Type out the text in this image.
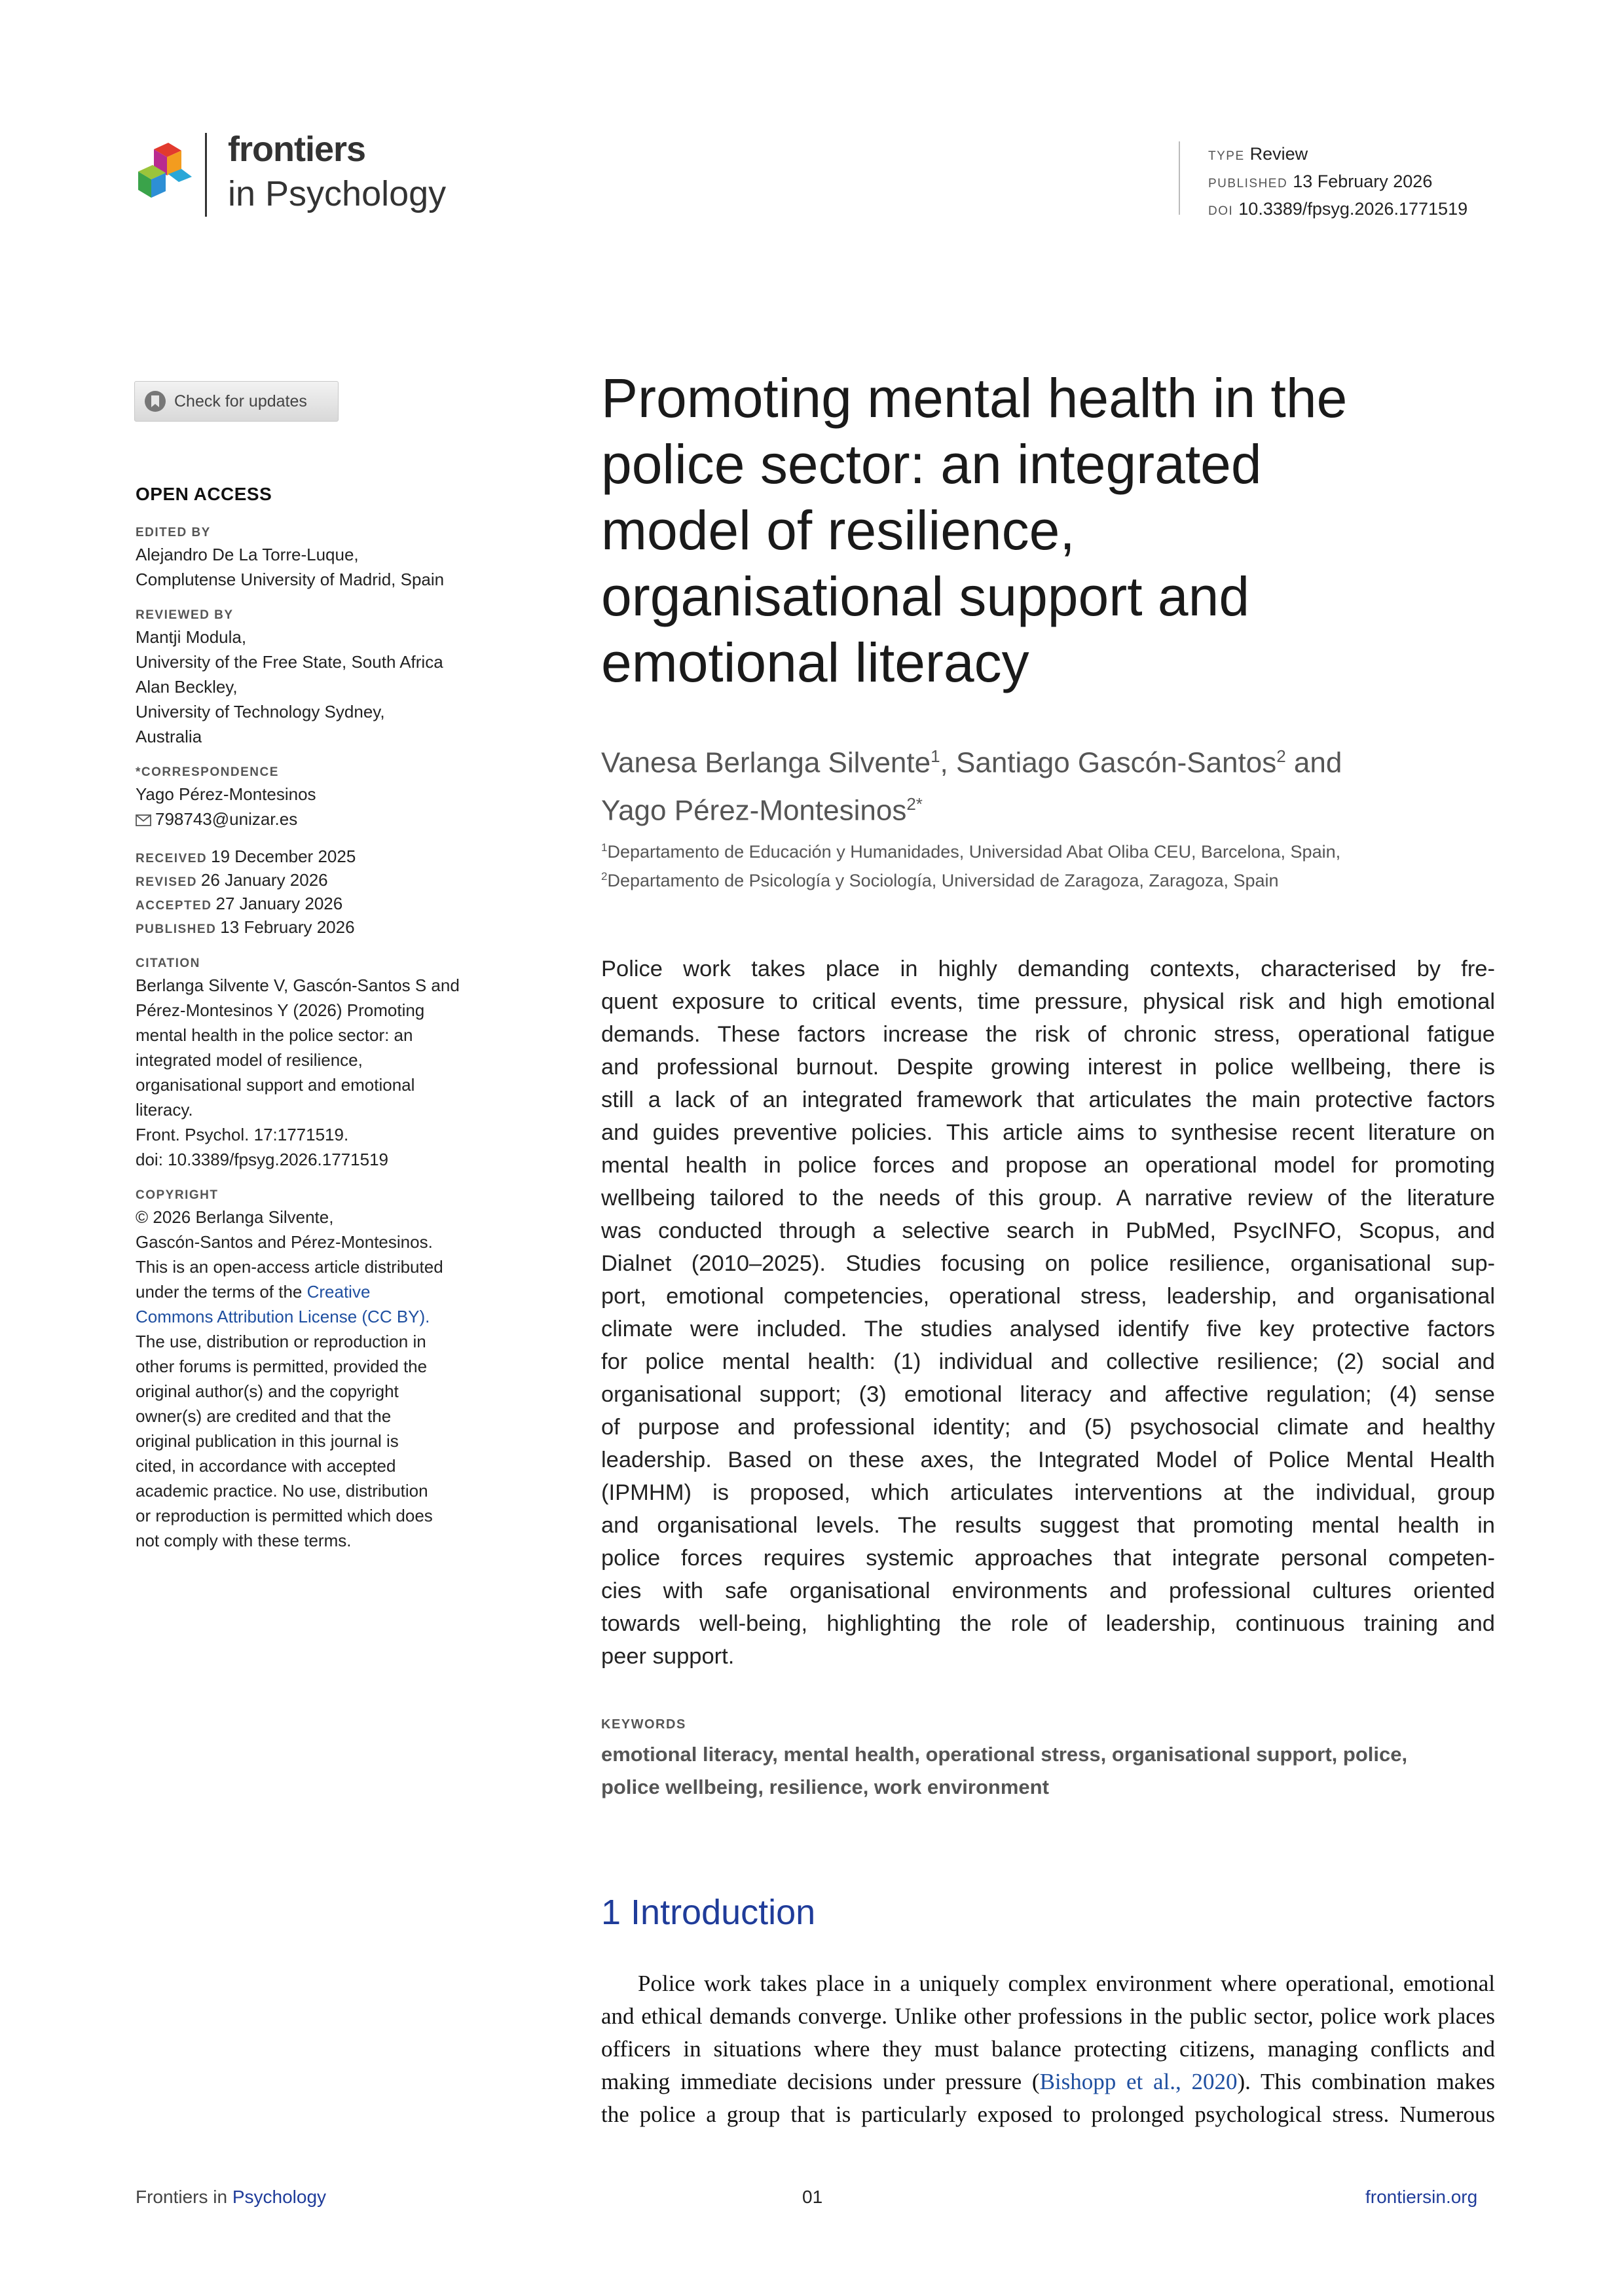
frontiers
in Psychology
TYPE Review
PUBLISHED 13 February 2026
DOI 10.3389/fpsyg.2026.1771519
Check for updates
OPEN ACCESS
EDITED BY
Alejandro De La Torre-Luque,
Complutense University of Madrid, Spain
REVIEWED BY
Mantji Modula,
University of the Free State, South Africa
Alan Beckley,
University of Technology Sydney,
Australia
*CORRESPONDENCE
Yago Pérez-Montesinos
798743@unizar.es
RECEIVED 19 December 2025
REVISED 26 January 2026
ACCEPTED 27 January 2026
PUBLISHED 13 February 2026
CITATION
Berlanga Silvente V, Gascón-Santos S and
Pérez-Montesinos Y (2026) Promoting
mental health in the police sector: an
integrated model of resilience,
organisational support and emotional
literacy.
Front. Psychol. 17:1771519.
doi: 10.3389/fpsyg.2026.1771519
COPYRIGHT
© 2026 Berlanga Silvente,
Gascón-Santos and Pérez-Montesinos.
This is an open-access article distributed
under the terms of the Creative
Commons Attribution License (CC BY).
The use, distribution or reproduction in
other forums is permitted, provided the
original author(s) and the copyright
owner(s) are credited and that the
original publication in this journal is
cited, in accordance with accepted
academic practice. No use, distribution
or reproduction is permitted which does
not comply with these terms.
Promoting mental health in the
police sector: an integrated
model of resilience,
organisational support and
emotional literacy
Vanesa Berlanga Silvente$^1$, Santiago Gascón-Santos$^2$ and
Yago Pérez-Montesinos$^{2*}$
$^1$Departamento de Educación y Humanidades, Universidad Abat Oliba CEU, Barcelona, Spain,
$^2$Departamento de Psicología y Sociología, Universidad de Zaragoza, Zaragoza, Spain
Police work takes place in highly demanding contexts, characterised by fre-
quent exposure to critical events, time pressure, physical risk and high emotional
demands. These factors increase the risk of chronic stress, operational fatigue
and professional burnout. Despite growing interest in police wellbeing, there is
still a lack of an integrated framework that articulates the main protective factors
and guides preventive policies. This article aims to synthesise recent literature on
mental health in police forces and propose an operational model for promoting
wellbeing tailored to the needs of this group. A narrative review of the literature
was conducted through a selective search in PubMed, PsycINFO, Scopus, and
Dialnet (2010–2025). Studies focusing on police resilience, organisational sup-
port, emotional competencies, operational stress, leadership, and organisational
climate were included. The studies analysed identify five key protective factors
for police mental health: (1) individual and collective resilience; (2) social and
organisational support; (3) emotional literacy and affective regulation; (4) sense
of purpose and professional identity; and (5) psychosocial climate and healthy
leadership. Based on these axes, the Integrated Model of Police Mental Health
(IPMHM) is proposed, which articulates interventions at the individual, group
and organisational levels. The results suggest that promoting mental health in
police forces requires systemic approaches that integrate personal competen-
cies with safe organisational environments and professional cultures oriented
towards well-being, highlighting the role of leadership, continuous training and
peer support.
KEYWORDS
emotional literacy, mental health, operational stress, organisational support, police,
police wellbeing, resilience, work environment
1 Introduction
Police work takes place in a uniquely complex environment where operational, emotional
and ethical demands converge. Unlike other professions in the public sector, police work places
officers in situations where they must balance protecting citizens, managing conflicts and
making immediate decisions under pressure (Bishopp et al., 2020). This combination makes
the police a group that is particularly exposed to prolonged psychological stress. Numerous
Frontiers in Psychology	01	frontiersin.org
